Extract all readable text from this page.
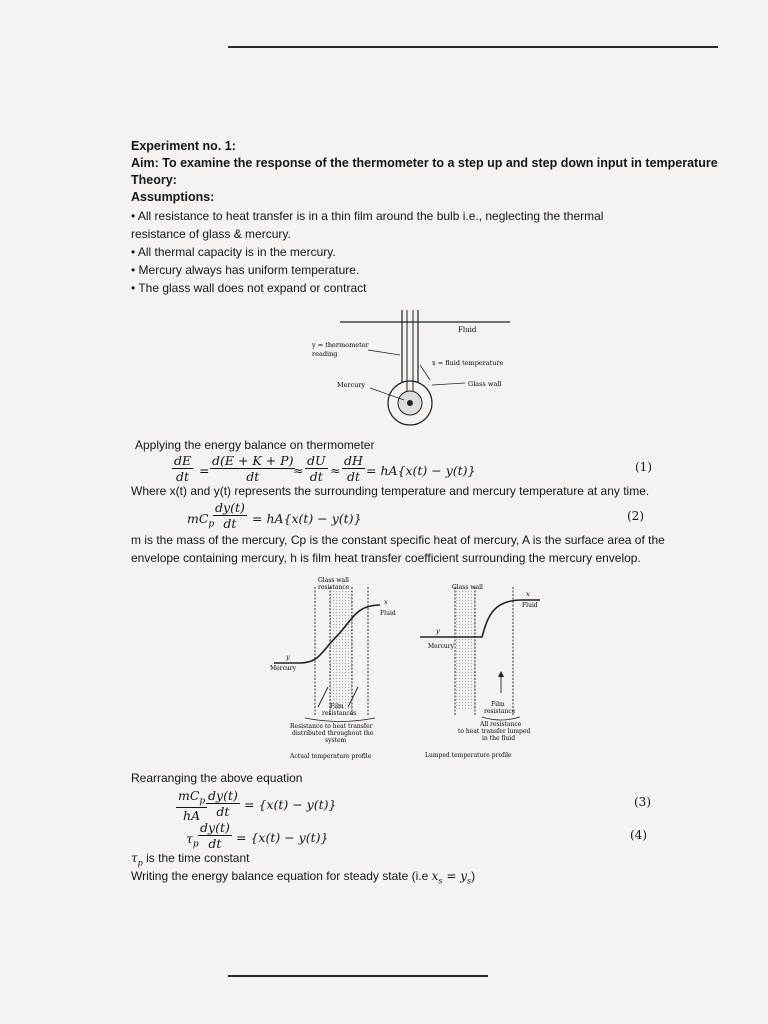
Experiment no. 1:
Aim: To examine the response of the thermometer to a step up and step down input in temperature
Theory:
Assumptions:
• All resistance to heat transfer is in a thin film around the bulb i.e., neglecting the thermal
resistance of glass & mercury.
• All thermal capacity is in the mercury.
• Mercury always has uniform temperature.
• The glass wall does not expand or contract
Fluid
y = thermometer
reading
x = fluid temperature
Mercury	Glass wall
Applying the energy balance on thermometer
$\frac{dE}{dt} = \frac{d(E + K + P)}{dt}$
≈ $\frac{dU}{dt} \approx \frac{dH}{dt} = hA\{x(t) - y(t)\}$	(1)
Where x(t) and y(t) represents the surrounding temperature and mercury temperature at any time.
$mC_p$
$\frac{dy(t)}{dt} = hA\{x(t) - y(t)\}$	(2)
m is the mass of the mercury, Cp is the constant specific heat of mercury, A is the surface area of the
envelope containing mercury, h is film heat transfer coefficient surrounding the mercury envelop.
Glass wall
resistance
x
Fluid
y
Mercury
Film
resistances
Resistance to heat transfer
distributed throughout the
system
Actual temperature profile
Glass wall
x
Fluid
y
Mercury
Film
resistance
All resistance
to heat transfer lumped
in the fluid
Lumped temperature profile
Rearranging the above equation
$mC_p$
hA $\frac{dy(t)}{dt} = \{x(t) - y(t)\}$	(3)
$\tau_p \frac{dy(t)}{dt} = \{x(t) - y(t)\}$	(4)
$\tau_p$ is the time constant
Writing the energy balance equation for steady state (i.e $x_s = y_s$)
